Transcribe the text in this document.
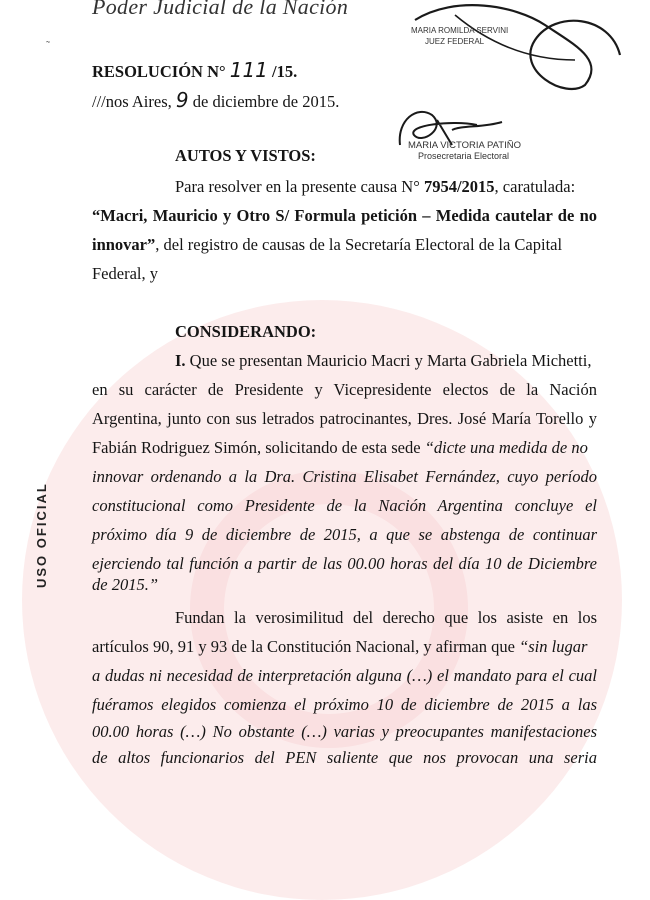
Poder Judicial de la Nación
˜
MARIA ROMILDA SERVINI
JUEZ FEDERAL
MARIA VICTORIA PATIÑO
Prosecretaria Electoral
RESOLUCIÓN N° 111 /15.
///nos Aires, 9 de diciembre de 2015.
AUTOS Y VISTOS:
Para resolver en la presente causa N° 7954/2015, caratulada:
“Macri, Mauricio y Otro S/ Formula petición – Medida cautelar de no
innovar”, del registro de causas de la Secretaría Electoral de la Capital
Federal, y
CONSIDERANDO:
I. Que se presentan Mauricio Macri y Marta Gabriela Michetti,
en su carácter de Presidente y Vicepresidente electos de la Nación
Argentina, junto con sus letrados patrocinantes, Dres. José María Torello y
Fabián Rodriguez Simón, solicitando de esta sede “dicte una medida de no
innovar ordenando a la Dra. Cristina Elisabet Fernández, cuyo período
constitucional como Presidente de la Nación Argentina concluye el
próximo día 9 de diciembre de 2015, a que se abstenga de continuar
ejerciendo tal función a partir de las 00.00 horas del día 10 de Diciembre
de 2015.”
Fundan la verosimilitud del derecho que los asiste en los
artículos 90, 91 y 93 de la Constitución Nacional, y afirman que “sin lugar
a dudas ni necesidad de interpretación alguna (…) el mandato para el cual
fuéramos elegidos comienza el próximo 10 de diciembre de 2015 a las
00.00 horas (…) No obstante (…) varias y preocupantes manifestaciones
de altos funcionarios del PEN saliente que nos provocan una seria
USO OFICIAL
